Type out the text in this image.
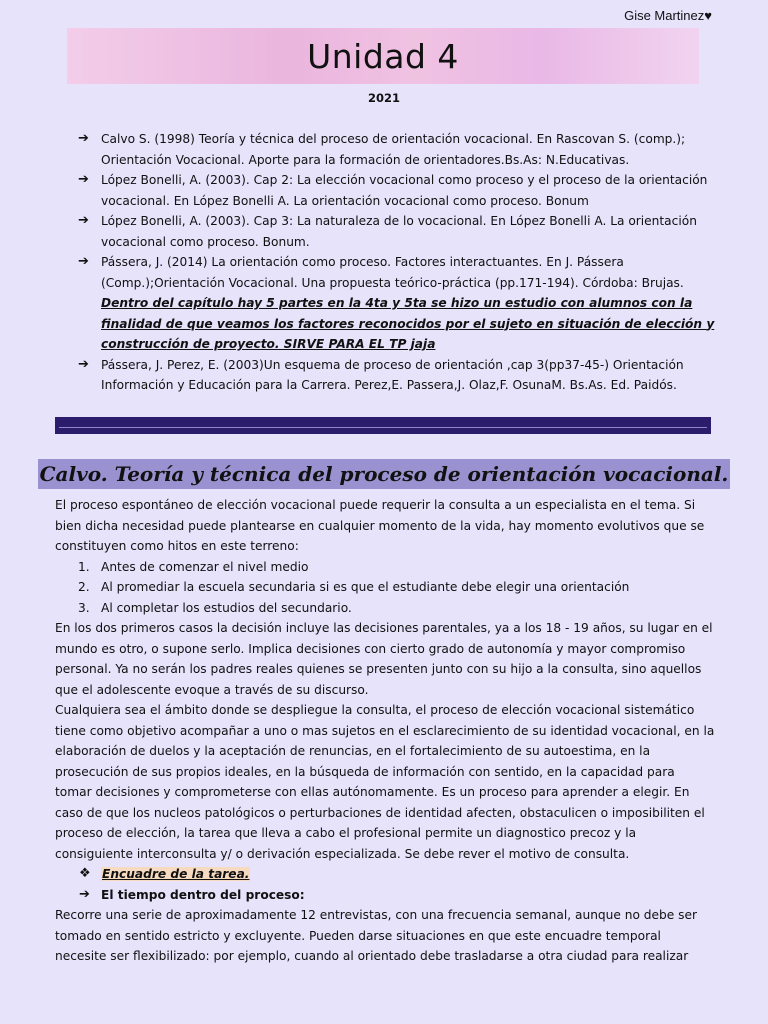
Gise Martinez♥
Unidad 4
2021
➔ Calvo S. (1998) Teoría y técnica del proceso de orientación vocacional. En Rascovan S. (comp.); Orientación Vocacional. Aporte para la formación de orientadores.Bs.As: N.Educativas.
➔ López Bonelli, A. (2003). Cap 2: La elección vocacional como proceso y el proceso de la orientación vocacional. En López Bonelli A. La orientación vocacional como proceso. Bonum
➔ López Bonelli, A. (2003). Cap 3: La naturaleza de lo vocacional. En López Bonelli A. La orientación vocacional como proceso. Bonum.
➔ Pássera, J. (2014) La orientación como proceso. Factores interactuantes. En J. Pássera (Comp.);Orientación Vocacional. Una propuesta teórico-práctica (pp.171-194). Córdoba: Brujas. Dentro del capítulo hay 5 partes en la 4ta y 5ta se hizo un estudio con alumnos con la finalidad de que veamos los factores reconocidos por el sujeto en situación de elección y construcción de proyecto. SIRVE PARA EL TP jaja
➔ Pássera, J. Perez, E. (2003)Un esquema de proceso de orientación ,cap 3(pp37-45-) Orientación Información y Educación para la Carrera. Perez,E. Passera,J. Olaz,F. OsunaM. Bs.As. Ed. Paidós.
Calvo. Teoría y técnica del proceso de orientación vocacional.

El proceso espontáneo de elección vocacional puede requerir la consulta a un especialista en el tema. Si bien dicha necesidad puede plantearse en cualquier momento de la vida, hay momento evolutivos que se constituyen como hitos en este terreno:

1. Antes de comenzar el nivel medio
2. Al promediar la escuela secundaria si es que el estudiante debe elegir una orientación
3. Al completar los estudios del secundario.

En los dos primeros casos la decisión incluye las decisiones parentales, ya a los 18 - 19 años, su lugar en el mundo es otro, o supone serlo. Implica decisiones con cierto grado de autonomía y mayor compromiso personal. Ya no serán los padres reales quienes se presenten junto con su hijo a la consulta, sino aquellos que el adolescente evoque a través de su discurso.

Cualquiera sea el ámbito donde se despliegue la consulta, el proceso de elección vocacional sistemático tiene como objetivo acompañar a uno o mas sujetos en el esclarecimiento de su identidad vocacional, en la elaboración de duelos y la aceptación de renuncias, en el fortalecimiento de su autoestima, en la prosecución de sus propios ideales, en la búsqueda de información con sentido, en la capacidad para tomar decisiones y comprometerse con ellas autónomamente. Es un proceso para aprender a elegir. En caso de que los nucleos patológicos o perturbaciones de identidad afecten, obstaculicen o imposibiliten el proceso de elección, la tarea que lleva a cabo el profesional permite un diagnostico precoz y la consiguiente interconsulta y/ o derivación especializada. Se debe rever el motivo de consulta.

❖ Encuadre de la tarea.
➔ El tiempo dentro del proceso:

Recorre una serie de aproximadamente 12 entrevistas, con una frecuencia semanal, aunque no debe ser tomado en sentido estricto y excluyente. Pueden darse situaciones en que este encuadre temporal necesite ser flexibilizado: por ejemplo, cuando al orientado debe trasladarse a otra ciudad para realizar
